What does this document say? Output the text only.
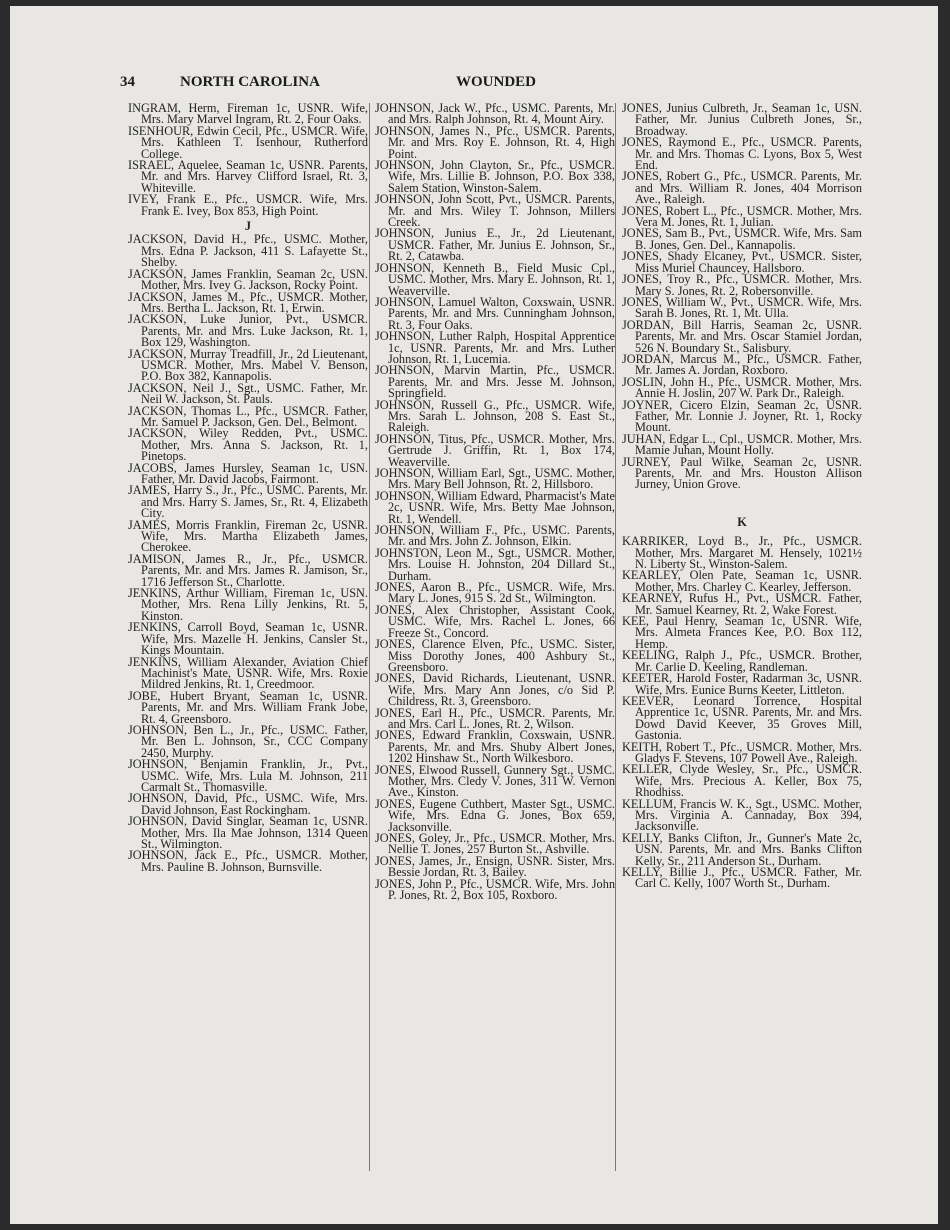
34	NORTH CAROLINA	WOUNDED
INGRAM, Herm, Fireman 1c, USNR. Wife, Mrs. Mary Marvel Ingram, Rt. 2, Four Oaks.
ISENHOUR, Edwin Cecil, Pfc., USMCR. Wife, Mrs. Kathleen T. Isenhour, Rutherford College.
ISRAEL, Aquelee, Seaman 1c, USNR. Parents, Mr. and Mrs. Harvey Clifford Israel, Rt. 3, Whiteville.
IVEY, Frank E., Pfc., USMCR. Wife, Mrs. Frank E. Ivey, Box 853, High Point.
J
JACKSON, David H., Pfc., USMC. Mother, Mrs. Edna P. Jackson, 411 S. Lafayette St., Shelby.
JACKSON, James Franklin, Seaman 2c, USN. Mother, Mrs. Ivey G. Jackson, Rocky Point.
JACKSON, James M., Pfc., USMCR. Mother, Mrs. Bertha L. Jackson, Rt. 1, Erwin.
JACKSON, Luke Junior, Pvt., USMCR. Parents, Mr. and Mrs. Luke Jackson, Rt. 1, Box 129, Washington.
JACKSON, Murray Treadfill, Jr., 2d Lieutenant, USMCR. Mother, Mrs. Mabel V. Benson, P.O. Box 382, Kannapolis.
JACKSON, Neil J., Sgt., USMC. Father, Mr. Neil W. Jackson, St. Pauls.
JACKSON, Thomas L., Pfc., USMCR. Father, Mr. Samuel P. Jackson, Gen. Del., Belmont.
JACKSON, Wiley Redden, Pvt., USMC. Mother, Mrs. Anna S. Jackson, Rt. 1, Pinetops.
JACOBS, James Hursley, Seaman 1c, USN. Father, Mr. David Jacobs, Fairmont.
JAMES, Harry S., Jr., Pfc., USMC. Parents, Mr. and Mrs. Harry S. James, Sr., Rt. 4, Elizabeth City.
JAMES, Morris Franklin, Fireman 2c, USNR. Wife, Mrs. Martha Elizabeth James, Cherokee.
JAMISON, James R., Jr., Pfc., USMCR. Parents, Mr. and Mrs. James R. Jamison, Sr., 1716 Jefferson St., Charlotte.
JENKINS, Arthur William, Fireman 1c, USN. Mother, Mrs. Rena Lilly Jenkins, Rt. 5, Kinston.
JENKINS, Carroll Boyd, Seaman 1c, USNR. Wife, Mrs. Mazelle H. Jenkins, Cansler St., Kings Mountain.
JENKINS, William Alexander, Aviation Chief Machinist's Mate, USNR. Wife, Mrs. Roxie Mildred Jenkins, Rt. 1, Creedmoor.
JOBE, Hubert Bryant, Seaman 1c, USNR. Parents, Mr. and Mrs. William Frank Jobe, Rt. 4, Greensboro.
JOHNSON, Ben L., Jr., Pfc., USMC. Father, Mr. Ben L. Johnson, Sr., CCC Company 2450, Murphy.
JOHNSON, Benjamin Franklin, Jr., Pvt., USMC. Wife, Mrs. Lula M. Johnson, 211 Carmalt St., Thomasville.
JOHNSON, David, Pfc., USMC. Wife, Mrs. David Johnson, East Rockingham.
JOHNSON, David Singlar, Seaman 1c, USNR. Mother, Mrs. Ila Mae Johnson, 1314 Queen St., Wilmington.
JOHNSON, Jack E., Pfc., USMCR. Mother, Mrs. Pauline B. Johnson, Burnsville.
JOHNSON, Jack W., Pfc., USMC. Parents, Mr. and Mrs. Ralph Johnson, Rt. 4, Mount Airy.
JOHNSON, James N., Pfc., USMCR. Parents, Mr. and Mrs. Roy E. Johnson, Rt. 4, High Point.
JOHNSON, John Clayton, Sr., Pfc., USMCR. Wife, Mrs. Lillie B. Johnson, P.O. Box 338, Salem Station, Winston-Salem.
JOHNSON, John Scott, Pvt., USMCR. Parents, Mr. and Mrs. Wiley T. Johnson, Millers Creek.
JOHNSON, Junius E., Jr., 2d Lieutenant, USMCR. Father, Mr. Junius E. Johnson, Sr., Rt. 2, Catawba.
JOHNSON, Kenneth B., Field Music Cpl., USMC. Mother, Mrs. Mary E. Johnson, Rt. 1, Weaverville.
JOHNSON, Lamuel Walton, Coxswain, USNR. Parents, Mr. and Mrs. Cunningham Johnson, Rt. 3, Four Oaks.
JOHNSON, Luther Ralph, Hospital Apprentice 1c, USNR. Parents, Mr. and Mrs. Luther Johnson, Rt. 1, Lucemia.
JOHNSON, Marvin Martin, Pfc., USMCR. Parents, Mr. and Mrs. Jesse M. Johnson, Springfield.
JOHNSON, Russell G., Pfc., USMCR. Wife, Mrs. Sarah L. Johnson, 208 S. East St., Raleigh.
JOHNSON, Titus, Pfc., USMCR. Mother, Mrs. Gertrude J. Griffin, Rt. 1, Box 174, Weaverville.
JOHNSON, William Earl, Sgt., USMC. Mother, Mrs. Mary Bell Johnson, Rt. 2, Hillsboro.
JOHNSON, William Edward, Pharmacist's Mate 2c, USNR. Wife, Mrs. Betty Mae Johnson, Rt. 1, Wendell.
JOHNSON, William F., Pfc., USMC. Parents, Mr. and Mrs. John Z. Johnson, Elkin.
JOHNSTON, Leon M., Sgt., USMCR. Mother, Mrs. Louise H. Johnston, 204 Dillard St., Durham.
JONES, Aaron B., Pfc., USMCR. Wife, Mrs. Mary L. Jones, 915 S. 2d St., Wilmington.
JONES, Alex Christopher, Assistant Cook, USMC. Wife, Mrs. Rachel L. Jones, 66 Freeze St., Concord.
JONES, Clarence Elven, Pfc., USMC. Sister, Miss Dorothy Jones, 400 Ashbury St., Greensboro.
JONES, David Richards, Lieutenant, USNR. Wife, Mrs. Mary Ann Jones, c/o Sid P. Childress, Rt. 3, Greensboro.
JONES, Earl H., Pfc., USMCR. Parents, Mr. and Mrs. Carl L. Jones, Rt. 2, Wilson.
JONES, Edward Franklin, Coxswain, USNR. Parents, Mr. and Mrs. Shuby Albert Jones, 1202 Hinshaw St., North Wilkesboro.
JONES, Elwood Russell, Gunnery Sgt., USMC. Mother, Mrs. Cledy V. Jones, 311 W. Vernon Ave., Kinston.
JONES, Eugene Cuthbert, Master Sgt., USMC. Wife, Mrs. Edna G. Jones, Box 659, Jacksonville.
JONES, Goley, Jr., Pfc., USMCR. Mother, Mrs. Nellie T. Jones, 257 Burton St., Ashville.
JONES, James, Jr., Ensign, USNR. Sister, Mrs. Bessie Jordan, Rt. 3, Bailey.
JONES, John P., Pfc., USMCR. Wife, Mrs. John P. Jones, Rt. 2, Box 105, Roxboro.
JONES, Junius Culbreth, Jr., Seaman 1c, USN. Father, Mr. Junius Culbreth Jones, Sr., Broadway.
JONES, Raymond E., Pfc., USMCR. Parents, Mr. and Mrs. Thomas C. Lyons, Box 5, West End.
JONES, Robert G., Pfc., USMCR. Parents, Mr. and Mrs. William R. Jones, 404 Morrison Ave., Raleigh.
JONES, Robert L., Pfc., USMCR. Mother, Mrs. Vera M. Jones, Rt. 1, Julian.
JONES, Sam B., Pvt., USMCR. Wife, Mrs. Sam B. Jones, Gen. Del., Kannapolis.
JONES, Shady Elcaney, Pvt., USMCR. Sister, Miss Muriel Chauncey, Hallsboro.
JONES, Troy R., Pfc., USMCR. Mother, Mrs. Mary S. Jones, Rt. 2, Robersonville.
JONES, William W., Pvt., USMCR. Wife, Mrs. Sarah B. Jones, Rt. 1, Mt. Ulla.
JORDAN, Bill Harris, Seaman 2c, USNR. Parents, Mr. and Mrs. Oscar Stamiel Jordan, 526 N. Boundary St., Salisbury.
JORDAN, Marcus M., Pfc., USMCR. Father, Mr. James A. Jordan, Roxboro.
JOSLIN, John H., Pfc., USMCR. Mother, Mrs. Annie H. Joslin, 207 W. Park Dr., Raleigh.
JOYNER, Cicero Elzin, Seaman 2c, USNR. Father, Mr. Lonnie J. Joyner, Rt. 1, Rocky Mount.
JUHAN, Edgar L., Cpl., USMCR. Mother, Mrs. Mamie Juhan, Mount Holly.
JURNEY, Paul Wilke, Seaman 2c, USNR. Parents, Mr. and Mrs. Houston Allison Jurney, Union Grove.
K
KARRIKER, Loyd B., Jr., Pfc., USMCR. Mother, Mrs. Margaret M. Hensely, 1021½ N. Liberty St., Winston-Salem.
KEARLEY, Olen Pate, Seaman 1c, USNR. Mother, Mrs. Charley C. Kearley, Jefferson.
KEARNEY, Rufus H., Pvt., USMCR. Father, Mr. Samuel Kearney, Rt. 2, Wake Forest.
KEE, Paul Henry, Seaman 1c, USNR. Wife, Mrs. Almeta Frances Kee, P.O. Box 112, Hemp.
KEELING, Ralph J., Pfc., USMCR. Brother, Mr. Carlie D. Keeling, Randleman.
KEETER, Harold Foster, Radarman 3c, USNR. Wife, Mrs. Eunice Burns Keeter, Littleton.
KEEVER, Leonard Torrence, Hospital Apprentice 1c, USNR. Parents, Mr. and Mrs. Dowd David Keever, 35 Groves Mill, Gastonia.
KEITH, Robert T., Pfc., USMCR. Mother, Mrs. Gladys F. Stevens, 107 Powell Ave., Raleigh.
KELLER, Clyde Wesley, Sr., Pfc., USMCR. Wife, Mrs. Precious A. Keller, Box 75, Rhodhiss.
KELLUM, Francis W. K., Sgt., USMC. Mother, Mrs. Virginia A. Cannaday, Box 394, Jacksonville.
KELLY, Banks Clifton, Jr., Gunner's Mate 2c, USN. Parents, Mr. and Mrs. Banks Clifton Kelly, Sr., 211 Anderson St., Durham.
KELLY, Billie J., Pfc., USMCR. Father, Mr. Carl C. Kelly, 1007 Worth St., Durham.
